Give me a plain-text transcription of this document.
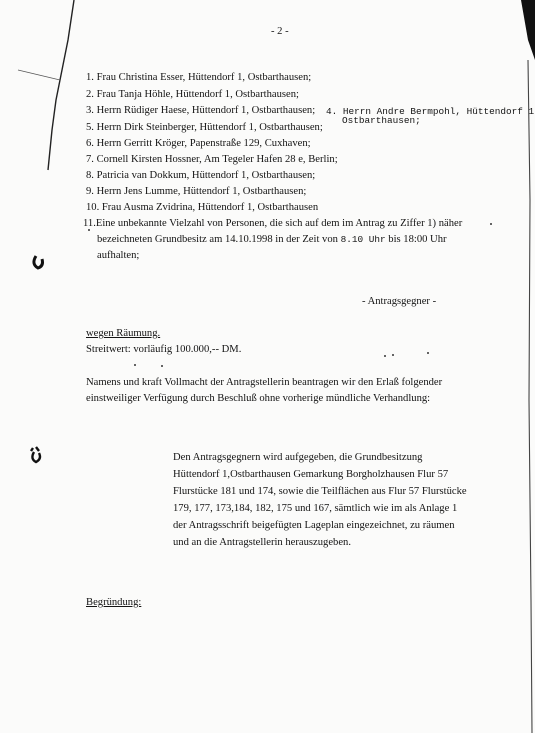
- 2 -
1. Frau Christina Esser, Hüttendorf 1, Ostbarthausen;
2. Frau Tanja Höhle, Hüttendorf 1, Ostbarthausen;
3. Herrn Rüdiger Haese, Hüttendorf 1, Ostbarthausen; 4. Herrn Andre Bermpohl, Hüttendorf 1
Ostbarthausen;
5. Herrn Dirk Steinberger, Hüttendorf 1, Ostbarthausen;
6. Herrn Gerritt Kröger, Papenstraße 129, Cuxhaven;
7. Cornell Kirsten Hossner, Am Tegeler Hafen 28 e, Berlin;
8. Patricia van Dokkum, Hüttendorf 1, Ostbarthausen;
9. Herrn Jens Lumme, Hüttendorf 1, Ostbarthausen;
10. Frau Ausma Zvidrina, Hüttendorf 1, Ostbarthausen
11.Eine unbekannte Vielzahl von Personen, die sich auf dem im Antrag zu Ziffer 1) näher
bezeichneten Grundbesitz am 14.10.1998 in der Zeit von 8.10 Uhr bis 18:00 Uhr
aufhalten;
- Antragsgegner -
wegen Räumung.
Streitwert: vorläufig 100.000,-- DM.
Namens und kraft Vollmacht der Antragstellerin beantragen wir den Erlaß folgender
einstweiliger Verfügung durch Beschluß ohne vorherige mündliche Verhandlung:
Den Antragsgegnern wird aufgegeben, die Grundbesitzung
Hüttendorf 1,Ostbarthausen Gemarkung Borgholzhausen Flur 57
Flurstücke 181 und 174, sowie die Teilflächen aus Flur 57 Flurstücke
179, 177, 173,184, 182, 175 und 167, sämtlich wie im als Anlage 1
der Antragsschrift beigefügten Lageplan eingezeichnet, zu räumen
und an die Antragstellerin herauszugeben.
Begründung:
